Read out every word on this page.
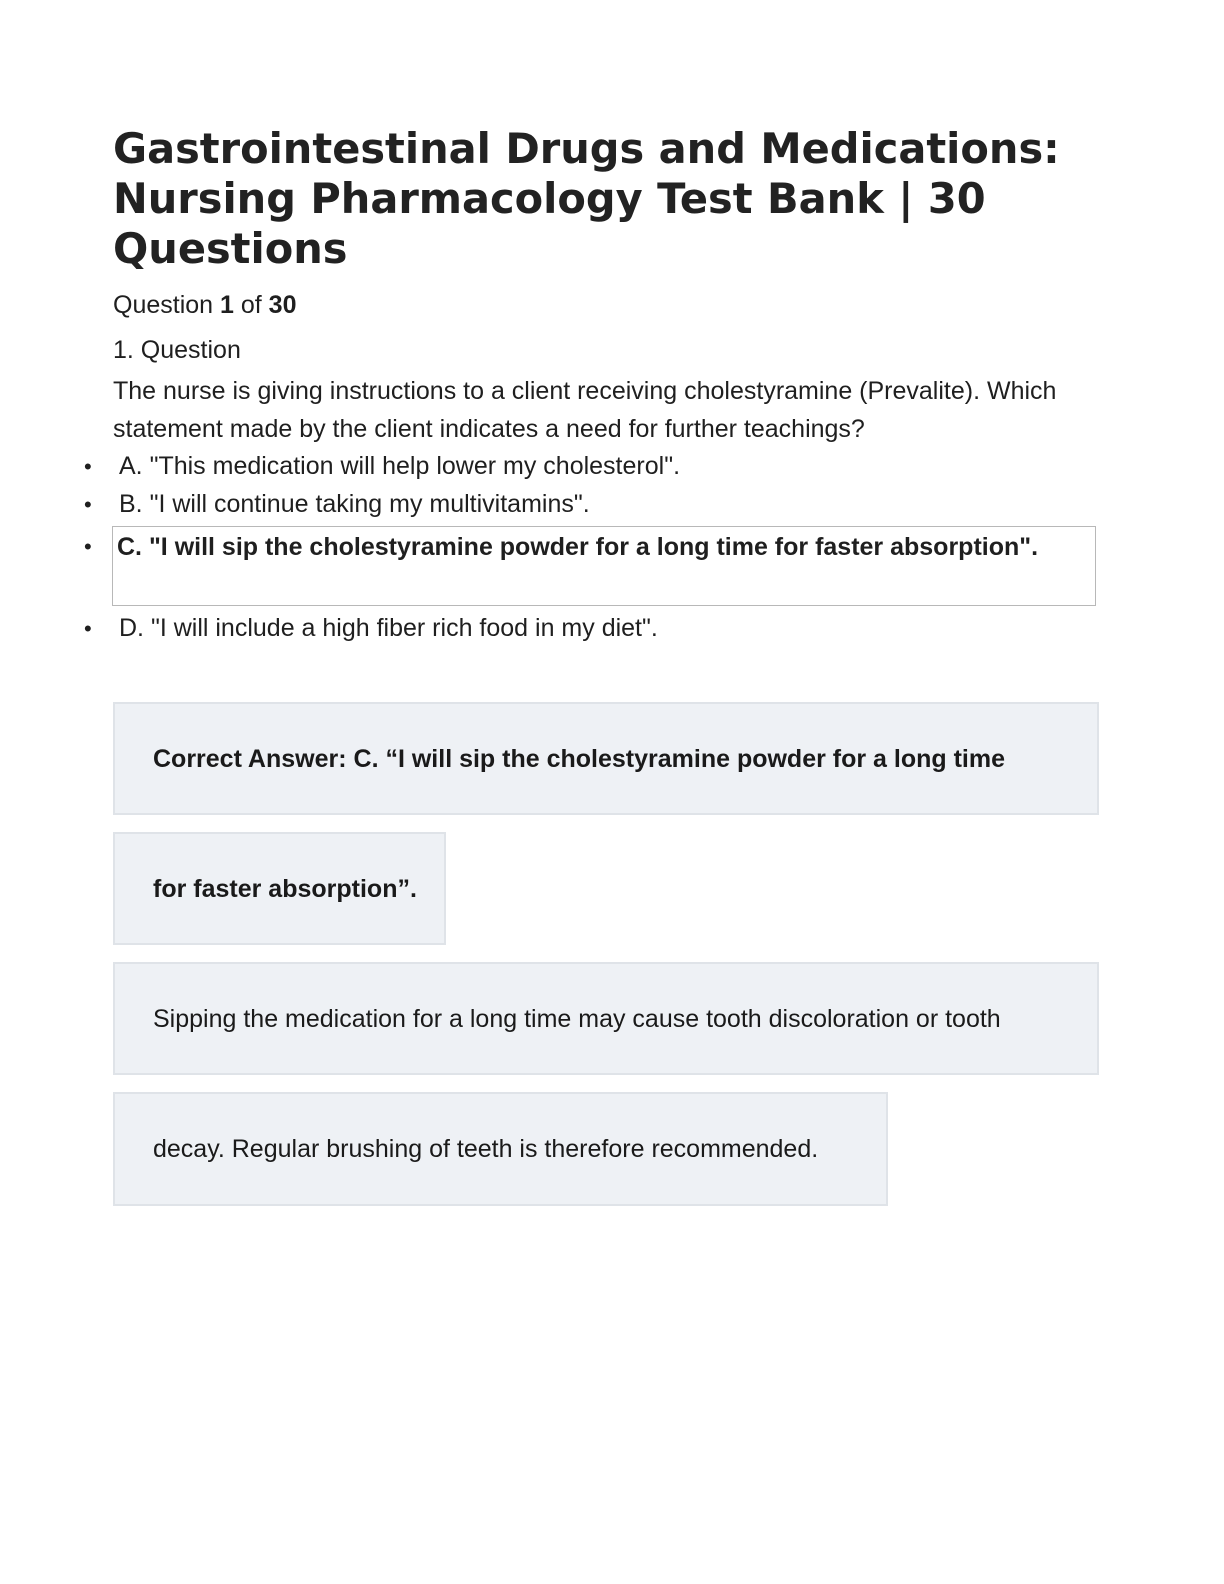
Gastrointestinal Drugs and Medications: Nursing Pharmacology Test Bank | 30 Questions
Question 1 of 30
1. Question

The nurse is giving instructions to a client receiving cholestyramine (Prevalite). Which statement made by the client indicates a need for further teachings?

• A. "This medication will help lower my cholesterol".
• B. "I will continue taking my multivitamins".
• C. "I will sip the cholestyramine powder for a long time for faster absorption".
• D. "I will include a high fiber rich food in my diet".
Correct Answer: C. “I will sip the cholestyramine powder for a long time
for faster absorption”.
Sipping the medication for a long time may cause tooth discoloration or tooth
decay. Regular brushing of teeth is therefore recommended.
